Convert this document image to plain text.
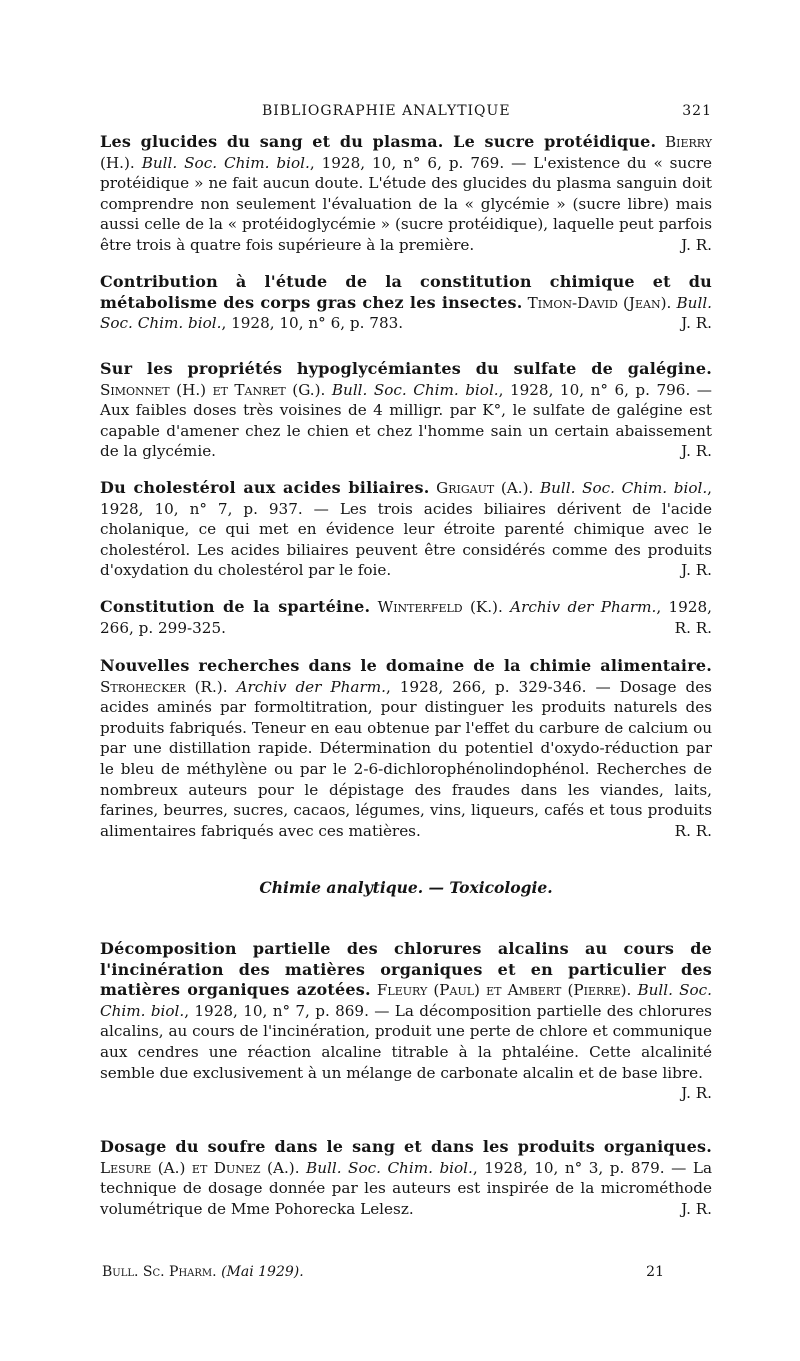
BIBLIOGRAPHIE ANALYTIQUE	321
Les glucides du sang et du plasma. Le sucre protéidique. Bierry (H.). Bull. Soc. Chim. biol., 1928, 10, n° 6, p. 769. — L'existence du « sucre protéidique » ne fait aucun doute. L'étude des glucides du plasma sanguin doit comprendre non seulement l'évaluation de la « glycémie » (sucre libre) mais aussi celle de la « protéidoglycémie » (sucre protéidique), laquelle peut parfois être trois à quatre fois supérieure à la première.	J. R.
Contribution à l'étude de la constitution chimique et du métabolisme des corps gras chez les insectes. Timon-David (Jean). Bull. Soc. Chim. biol., 1928, 10, n° 6, p. 783.	J. R.
Sur les propriétés hypoglycémiantes du sulfate de galégine. Simonnet (H.) et Tanret (G.). Bull. Soc. Chim. biol., 1928, 10, n° 6, p. 796. — Aux faibles doses très voisines de 4 milligr. par K°, le sulfate de galégine est capable d'amener chez le chien et chez l'homme sain un certain abaissement de la glycémie.	J. R.
Du cholestérol aux acides biliaires. Grigaut (A.). Bull. Soc. Chim. biol., 1928, 10, n° 7, p. 937. — Les trois acides biliaires dérivent de l'acide cholanique, ce qui met en évidence leur étroite parenté chimique avec le cholestérol. Les acides biliaires peuvent être considérés comme des produits d'oxydation du cholestérol par le foie.	J. R.
Constitution de la spartéine. Winterfeld (K.). Archiv der Pharm., 1928, 266, p. 299-325.	R. R.
Nouvelles recherches dans le domaine de la chimie alimentaire. Strohecker (R.). Archiv der Pharm., 1928, 266, p. 329-346. — Dosage des acides aminés par formoltitration, pour distinguer les produits naturels des produits fabriqués. Teneur en eau obtenue par l'effet du carbure de calcium ou par une distillation rapide. Détermination du potentiel d'oxydo-réduction par le bleu de méthylène ou par le 2-6-dichlorophénolindophénol. Recherches de nombreux auteurs pour le dépistage des fraudes dans les viandes, laits, farines, beurres, sucres, cacaos, légumes, vins, liqueurs, cafés et tous produits alimentaires fabriqués avec ces matières.	R. R.
Chimie analytique. — Toxicologie.
Décomposition partielle des chlorures alcalins au cours de l'incinération des matières organiques et en particulier des matières organiques azotées. Fleury (Paul) et Ambert (Pierre). Bull. Soc. Chim. biol., 1928, 10, n° 7, p. 869. — La décomposition partielle des chlorures alcalins, au cours de l'incinération, produit une perte de chlore et communique aux cendres une réaction alcaline titrable à la phtaléine. Cette alcalinité semble due exclusivement à un mélange de carbonate alcalin et de base libre.
J. R.
Dosage du soufre dans le sang et dans les produits organiques. Lesure (A.) et Dunez (A.). Bull. Soc. Chim. biol., 1928, 10, n° 3, p. 879. — La technique de dosage donnée par les auteurs est inspirée de la microméthode volumétrique de Mme Pohorecka Lelesz.	J. R.
Bull. Sc. Pharm. (Mai 1929).	21
